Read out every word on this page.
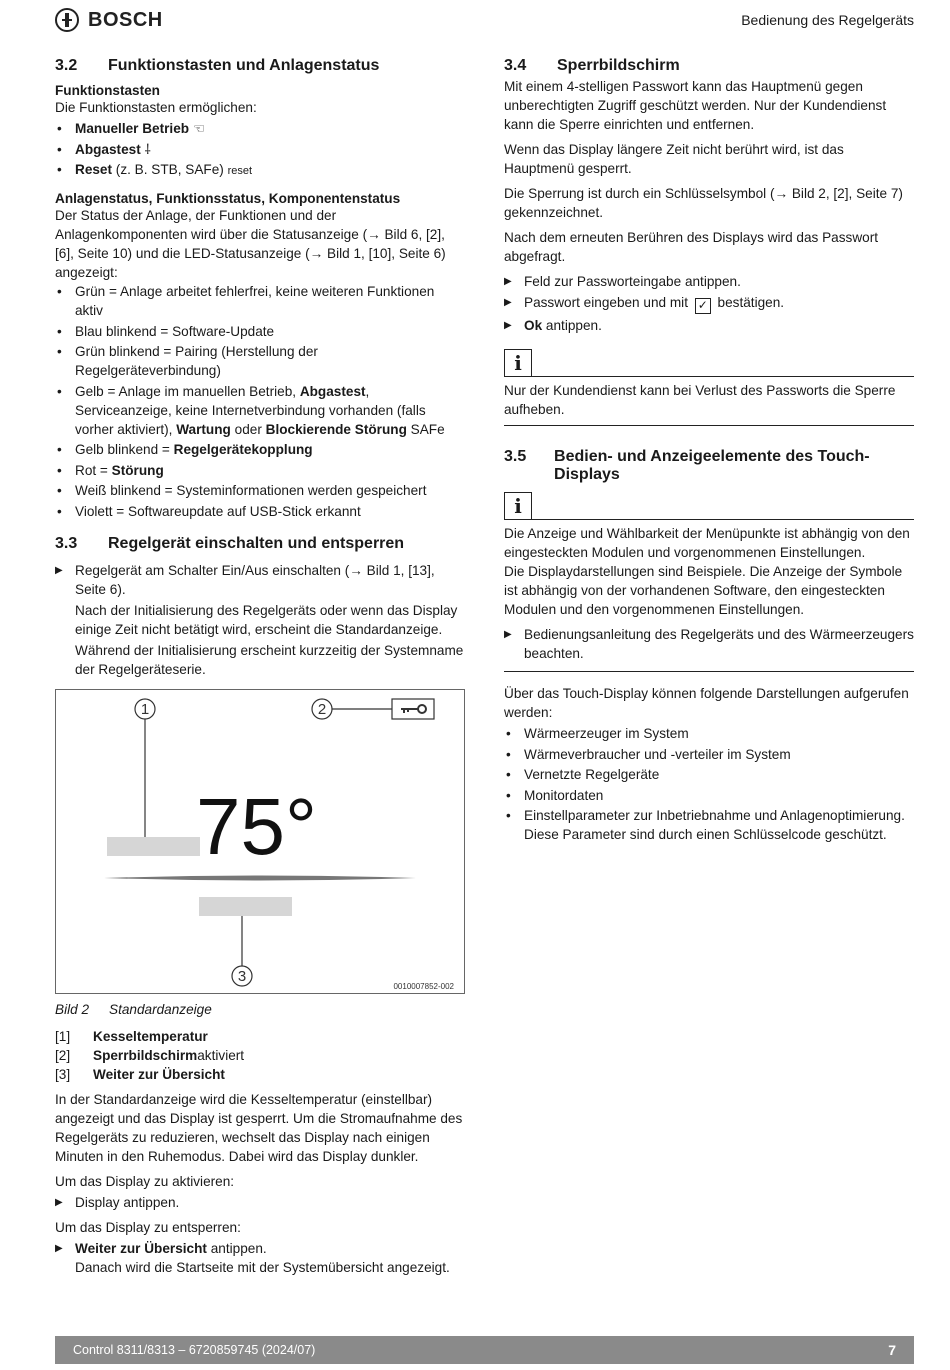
BOSCH	Bedienung des Regelgeräts
3.2	Funktionstasten und Anlagenstatus
Funktionstasten

Die Funktionstasten ermöglichen:

• Manueller Betrieb ☜
• Abgastest ⸸
• Reset (z. B. STB, SAFe) reset
Anlagenstatus, Funktionsstatus, Komponentenstatus

Der Status der Anlage, der Funktionen und der Anlagenkomponenten wird über die Statusanzeige (→ Bild 6, [2], [6], Seite 10) und die LED-Statusanzeige (→ Bild 1, [10], Seite 6) angezeigt:

• Grün = Anlage arbeitet fehlerfrei, keine weiteren Funktionen aktiv
• Blau blinkend = Software-Update
• Grün blinkend = Pairing (Herstellung der Regelgeräteverbindung)
• Gelb = Anlage im manuellen Betrieb, Abgastest, Serviceanzeige, keine Internetverbindung vorhanden (falls vorher aktiviert), Wartung oder Blockierende Störung SAFe
• Gelb blinkend = Regelgerätekopplung
• Rot = Störung
• Weiß blinkend = Systeminformationen werden gespeichert
• Violett = Softwareupdate auf USB-Stick erkannt
3.3	Regelgerät einschalten und entsperren
▶ Regelgerät am Schalter Ein/Aus einschalten (→ Bild 1, [13], Seite 6).

Nach der Initialisierung des Regelgeräts oder wenn das Display einige Zeit nicht betätigt wird, erscheint die Standardanzeige.

Während der Initialisierung erscheint kurzzeitig der Systemname der Regelgeräteserie.

1	2
75°
3
0010007852-002
Bild 2	Standardanzeige
[1]	Kesseltemperatur
[2]	Sperrbildschirm aktiviert
[3]	Weiter zur Übersicht

In der Standardanzeige wird die Kesseltemperatur (einstellbar) angezeigt und das Display ist gesperrt. Um die Stromaufnahme des Regelgeräts zu reduzieren, wechselt das Display nach einigen Minuten in den Ruhemodus. Dabei wird das Display dunkler.

Um das Display zu aktivieren:

▶ Display antippen.

Um das Display zu entsperren:

▶ Weiter zur Übersicht antippen.
Danach wird die Startseite mit der Systemübersicht angezeigt.
3.4	Sperrbildschirm

Mit einem 4-stelligen Passwort kann das Hauptmenü gegen unberechtigten Zugriff geschützt werden. Nur der Kundendienst kann die Sperre einrichten und entfernen.

Wenn das Display längere Zeit nicht berührt wird, ist das Hauptmenü gesperrt.

Die Sperrung ist durch ein Schlüsselsymbol (→ Bild 2, [2], Seite 7) gekennzeichnet.

Nach dem erneuten Berühren des Displays wird das Passwort abgefragt.

▶ Feld zur Passworteingabe antippen.
▶ Passwort eingeben und mit ✓ bestätigen.
▶ Ok antippen.
i

Nur der Kundendienst kann bei Verlust des Passworts die Sperre aufheben.

3.5	Bedien- und Anzeigeelemente des Touch-Displays
i

Die Anzeige und Wählbarkeit der Menüpunkte ist abhängig von den eingesteckten Modulen und vorgenommenen Einstellungen.

Die Displaydarstellungen sind Beispiele. Die Anzeige der Symbole ist abhängig von der vorhandenen Software, den eingesteckten Modulen und den vorgenommenen Einstellungen.

▶ Bedienungsanleitung des Regelgeräts und des Wärmeerzeugers beachten.

Über das Touch-Display können folgende Darstellungen aufgerufen werden:

• Wärmeerzeuger im System
• Wärmeverbraucher und -verteiler im System
• Vernetzte Regelgeräte
• Monitordaten
• Einstellparameter zur Inbetriebnahme und Anlagenoptimierung. Diese Parameter sind durch einen Schlüsselcode geschützt.
Control 8311/8313 – 6720859745 (2024/07)	7
